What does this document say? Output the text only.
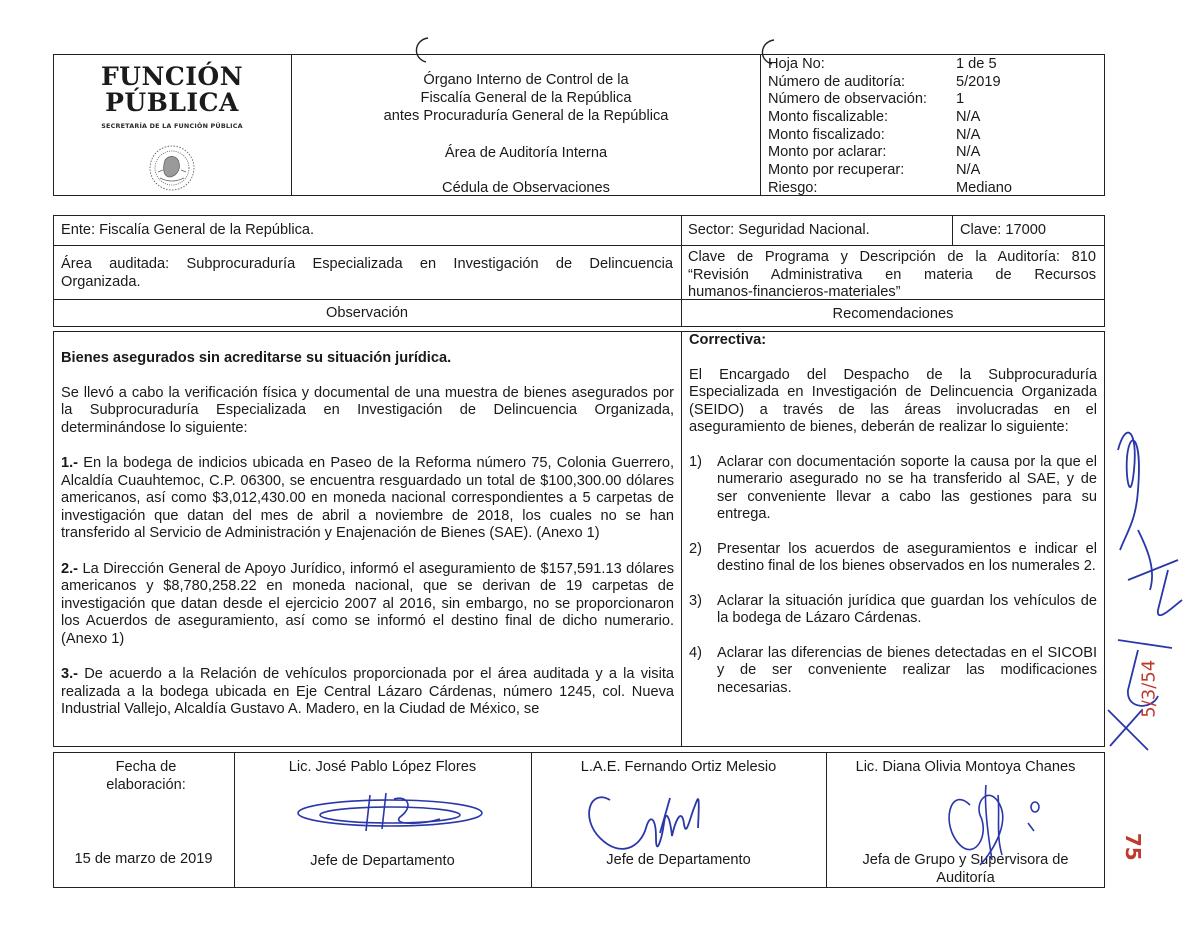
FUNCIÓN
PÚBLICA
SECRETARÍA DE LA FUNCIÓN PÚBLICA
Órgano Interno de Control de la
Fiscalía General de la República
antes Procuraduría General de la República
Área de Auditoría Interna
Cédula de Observaciones
Hoja No:	1 de 5
Número de auditoría:	5/2019
Número de observación: 1
Monto fiscalizable:	N/A
Monto fiscalizado:	N/A
Monto por aclarar:	N/A
Monto por recuperar:	N/A
Riesgo:	Mediano
Ente: Fiscalía General de la República.	Sector: Seguridad Nacional.	Clave: 17000
Área auditada: Subprocuraduría Especializada en Investigación de Delincuencia
Organizada.
Clave de Programa y Descripción de la Auditoría: 810
“Revisión Administrativa en materia de Recursos
humanos-financieros-materiales”
Observación	Recomendaciones
Bienes asegurados sin acreditarse su situación jurídica.

Se llevó a cabo la verificación física y documental de una muestra de bienes asegurados por la Subprocuraduría Especializada en Investigación de Delincuencia Organizada, determinándose lo siguiente:

1.- En la bodega de indicios ubicada en Paseo de la Reforma número 75, Colonia Guerrero, Alcaldía Cuauhtemoc, C.P. 06300, se encuentra resguardado un total de $100,300.00 dólares americanos, así como $3,012,430.00 en moneda nacional correspondientes a 5 carpetas de investigación que datan del mes de abril a noviembre de 2018, los cuales no se han transferido al Servicio de Administración y Enajenación de Bienes (SAE). (Anexo 1)

2.- La Dirección General de Apoyo Jurídico, informó el aseguramiento de $157,591.13 dólares americanos y $8,780,258.22 en moneda nacional, que se derivan de 19 carpetas de investigación que datan desde el ejercicio 2007 al 2016, sin embargo, no se proporcionaron los Acuerdos de aseguramiento, así como se informó el destino final de dicho numerario. (Anexo 1)

3.- De acuerdo a la Relación de vehículos proporcionada por el área auditada y a la visita realizada a la bodega ubicada en Eje Central Lázaro Cárdenas, número 1245, col. Nueva Industrial Vallejo, Alcaldía Gustavo A. Madero, en la Ciudad de México, se

Correctiva:

El Encargado del Despacho de la Subprocuraduría Especializada en Investigación de Delincuencia Organizada (SEIDO) a través de las áreas involucradas en el aseguramiento de bienes, deberán de realizar lo siguiente:

1)	Aclarar con documentación soporte la causa por la que el numerario asegurado no se ha transferido al SAE, y de ser conveniente llevar a cabo las gestiones para su entrega.

2)	Presentar los acuerdos de aseguramientos e indicar el destino final de los bienes observados en los numerales 2.

3)	Aclarar la situación jurídica que guardan los vehículos de la bodega de Lázaro Cárdenas.

4)	Aclarar las diferencias de bienes detectadas en el SICOBI y de ser conveniente realizar las modificaciones necesarias.

Fecha de elaboración:
15 de marzo de 2019
Lic. José Pablo López Flores
Jefe de Departamento
L.A.E. Fernando Ortiz Melesio
Jefe de Departamento
Lic. Diana Olivia Montoya Chanes
Jefa de Grupo y Supervisora de Auditoría
5/3/54
75
